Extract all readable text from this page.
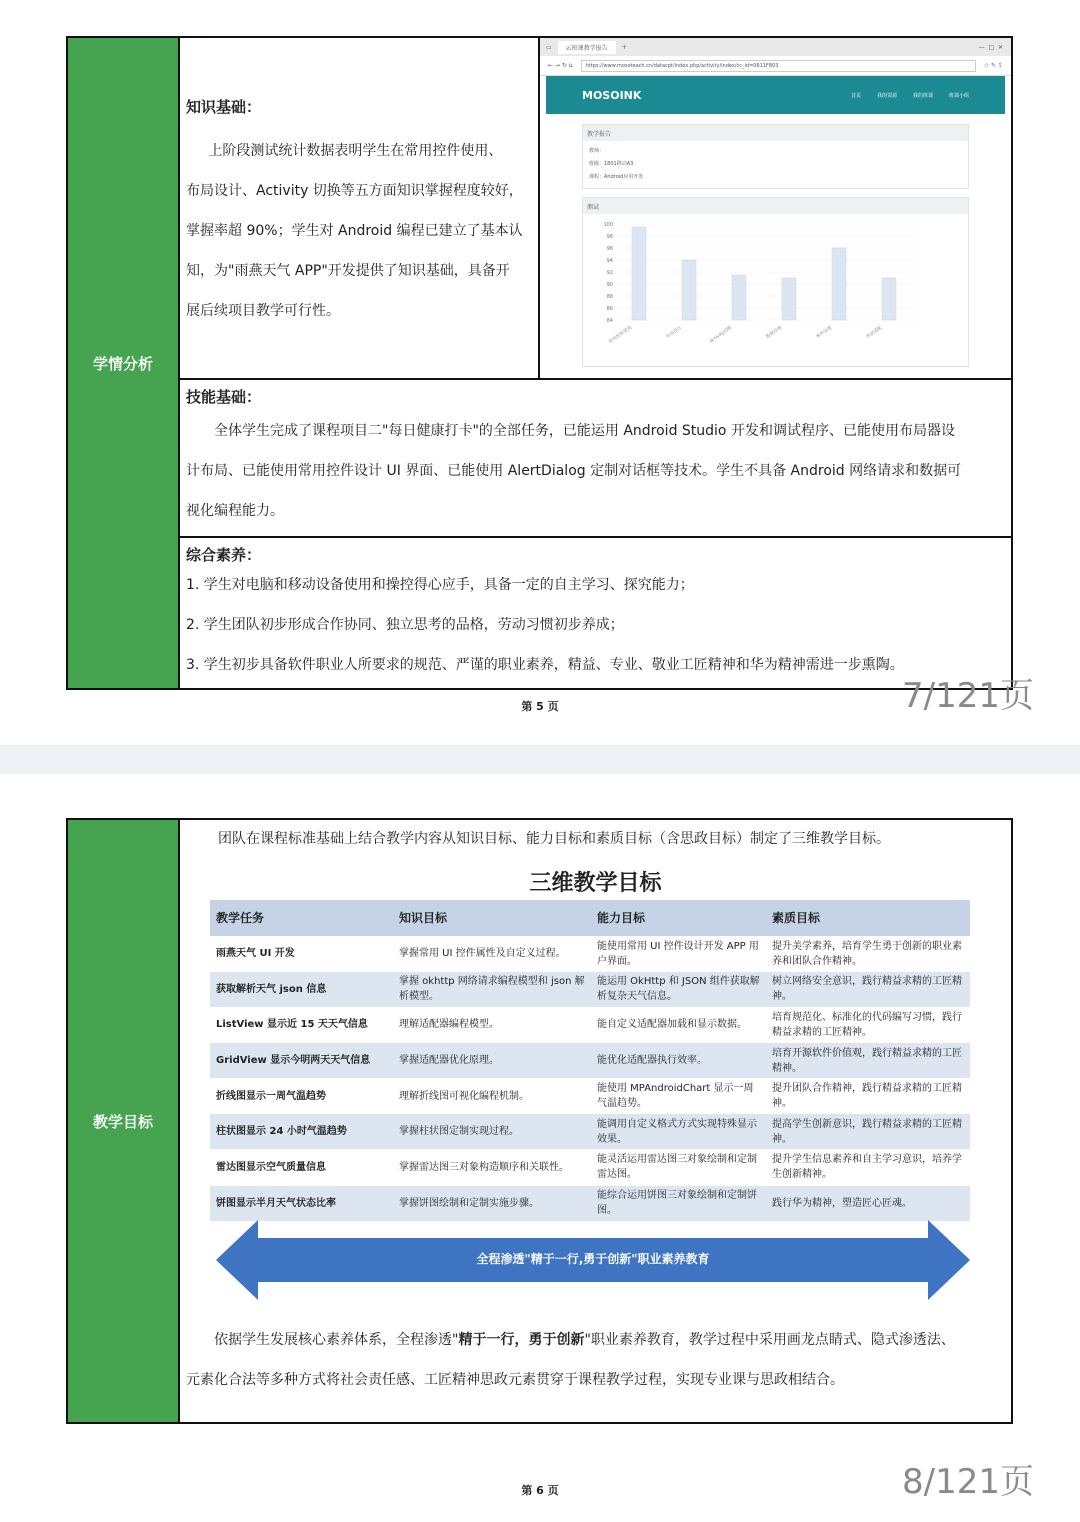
学情分析
知识基础：
上阶段测试统计数据表明学生在常用控件使用、
布局设计、Activity 切换等五方面知识掌握程度较好，
掌握率超 90%；学生对 Android 编程已建立了基本认
知，为"雨燕天气 APP"开发提供了知识基础，具备开
展后续项目教学可行性。
▭	云班课教学报告	+	—  □  ✕
← → ↻ ⌂	https://www.mosoteach.cn/datacpt/index.php/activity/index/cc_id=0611F803	☆ ✎ ⇪
MOSOINK	首页	我的资源	我的班课	班课小组
教学报告
教师：
班级：1801移动A3
课程：Android应用开发
测试
100
98
96
94
92
90
88
86
84
常用控件使用	布局设计	Activity切换	数据存储	事件处理	界面适配
技能基础：
全体学生完成了课程项目二"每日健康打卡"的全部任务，已能运用 Android Studio 开发和调试程序、已能使用布局器设
计布局、已能使用常用控件设计 UI 界面、已能使用 AlertDialog 定制对话框等技术。学生不具备 Android 网络请求和数据可
视化编程能力。
综合素养：
1. 学生对电脑和移动设备使用和操控得心应手，具备一定的自主学习、探究能力；
2. 学生团队初步形成合作协同、独立思考的品格，劳动习惯初步养成；
3. 学生初步具备软件职业人所要求的规范、严谨的职业素养，精益、专业、敬业工匠精神和华为精神需进一步熏陶。
7/121页
第 5 页
教学目标
团队在课程标准基础上结合教学内容从知识目标、能力目标和素质目标（含思政目标）制定了三维教学目标。
三维教学目标
教学任务	知识目标	能力目标	素质目标
雨燕天气 UI 开发	掌握常用 UI 控件属性及自定义过程。	能使用常用 UI 控件设计开发 APP 用户界面。	提升美学素养，培育学生勇于创新的职业素养和团队合作精神。
获取解析天气 json 信息	掌握 okhttp 网络请求编程模型和 json 解析模型。	能运用 OkHttp 和 JSON 组件获取解析复杂天气信息。	树立网络安全意识，践行精益求精的工匠精神。
ListView 显示近 15 天天气信息	理解适配器编程模型。	能自定义适配器加载和显示数据。	培育规范化、标准化的代码编写习惯，践行精益求精的工匠精神。
GridView 显示今明两天天气信息	掌握适配器优化原理。	能优化适配器执行效率。	培育开源软件价值观，践行精益求精的工匠精神。
折线图显示一周气温趋势	理解折线图可视化编程机制。	能使用 MPAndroidChart 显示一周气温趋势。	提升团队合作精神，践行精益求精的工匠精神。
柱状图显示 24 小时气温趋势	掌握柱状图定制实现过程。	能调用自定义格式方式实现特殊显示效果。	提高学生创新意识，践行精益求精的工匠精神。
雷达图显示空气质量信息	掌握雷达图三对象构造顺序和关联性。	能灵活运用雷达图三对象绘制和定制雷达图。	提升学生信息素养和自主学习意识，培养学生创新精神。
饼图显示半月天气状态比率	掌握饼图绘制和定制实施步骤。	能综合运用饼图三对象绘制和定制饼图。	践行华为精神，塑造匠心匠魂。
全程渗透"精于一行,勇于创新"职业素养教育
依据学生发展核心素养体系，全程渗透"精于一行，勇于创新"职业素养教育，教学过程中采用画龙点睛式、隐式渗透法、
元素化合法等多种方式将社会责任感、工匠精神思政元素贯穿于课程教学过程，实现专业课与思政相结合。
8/121页
第 6 页
